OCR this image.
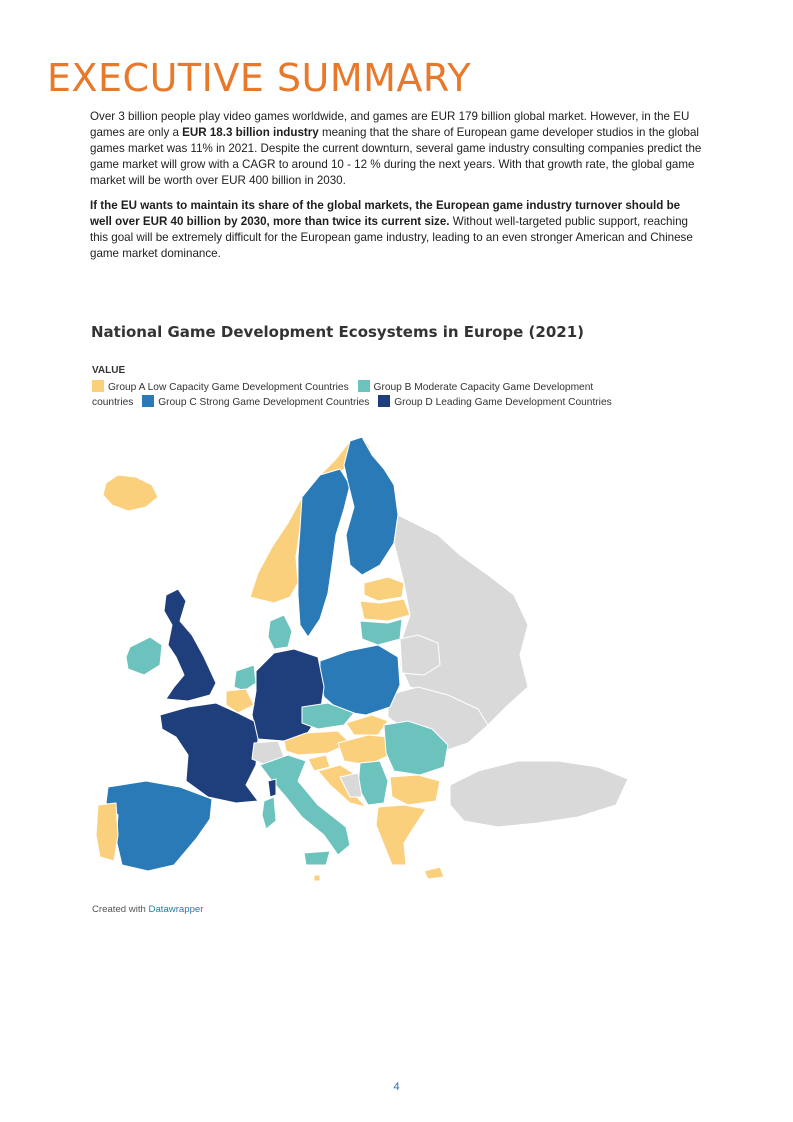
EXECUTIVE SUMMARY

Over 3 billion people play video games worldwide, and games are EUR 179 billion global market. However, in the EU games are only a EUR 18.3 billion industry meaning that the share of European game developer studios in the global games market was 11% in 2021. Despite the current downturn, several game industry consulting companies predict the game market will grow with a CAGR to around 10 - 12 % during the next years. With that growth rate, the global game market will be worth over EUR 400 billion in 2030.

If the EU wants to maintain its share of the global markets, the European game industry turnover should be well over EUR 40 billion by 2030, more than twice its current size. Without well-targeted public support, reaching this goal will be extremely difficult for the European game industry, leading to an even stronger American and Chinese game market dominance.

National Game Development Ecosystems in Europe (2021)
VALUE
Group A Low Capacity Game Development Countries Group B Moderate Capacity Game Development countries Group C Strong Game Development Countries Group D Leading Game Development Countries
Created with Datawrapper
4
